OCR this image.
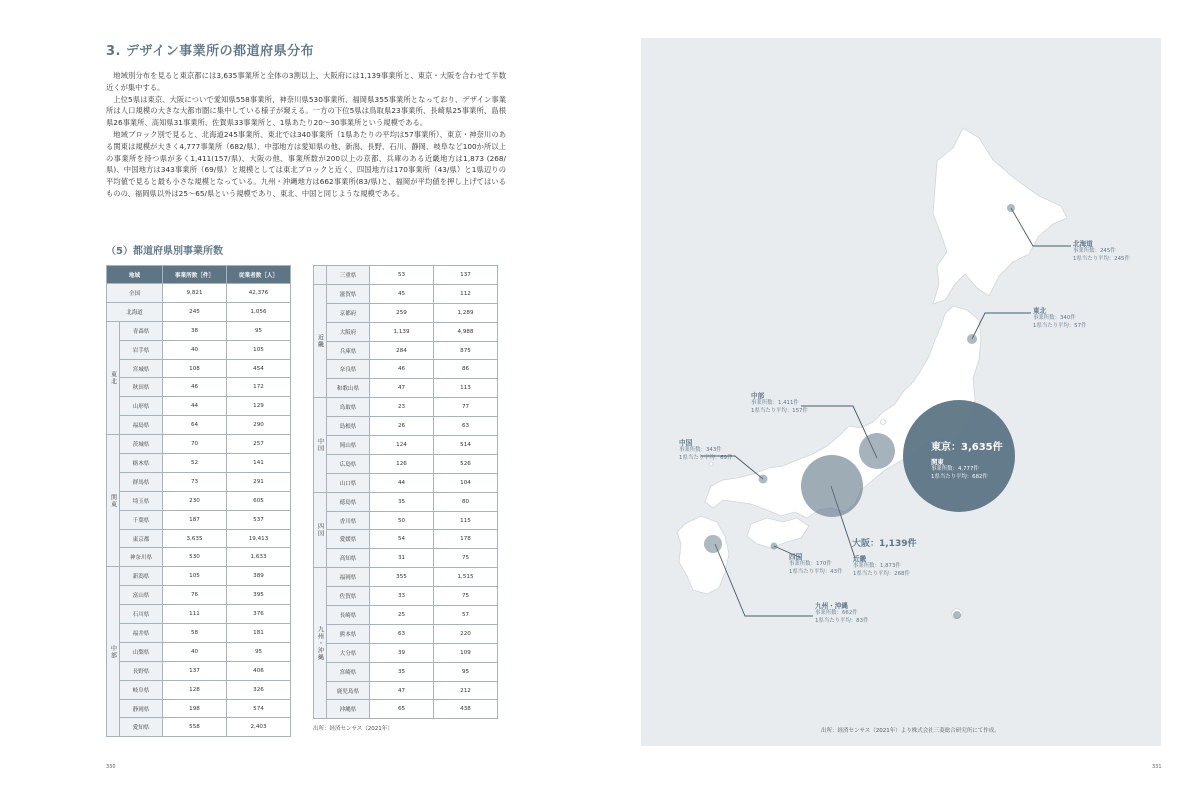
3. デザイン事業所の都道府県分布

地域別分布を見ると東京都には3,635事業所と全体の3割以上、大阪府には1,139事業所と、東京・大阪を合わせて半数近くが集中する。

上位5県は東京、大阪についで愛知県558事業所、神奈川県530事業所、福岡県355事業所となっており、デザイン事業所は人口規模の大きな大都市圏に集中している様子が窺える。一方の下位5県は鳥取県23事業所、長崎県25事業所、島根県26事業所、高知県31事業所、佐賀県33事業所と、1県あたり20～30事業所という規模である。

地域ブロック別で見ると、北海道245事業所、東北では340事業所（1県あたりの平均は57事業所）、東京・神奈川のある関東は規模が大きく4,777事業所（682/県）、中部地方は愛知県の他、新潟、長野、石川、静岡、岐阜など100か所以上の事業所を持つ県が多く1,411(157/県)、大阪の他、事業所数が200以上の京都、兵庫のある近畿地方は1,873 (268/県)、中国地方は343事業所（69/県）と規模としては東北ブロックと近く、四国地方は170事業所（43/県）と1県辺りの平均値で見ると最も小さな規模となっている。九州・沖縄地方は662事業所(83/県)と、福岡が平均値を押し上げてはいるものの、福岡県以外は25～65/県という規模であり、東北、中国と同じような規模である。

（5）都道府県別事業所数
地域		事業所数［件］	従業者数［人］
全国		9,821	42,376
北海道		245	1,056
東北	青森県	38	95
	岩手県	40	105
	宮城県	108	454
	秋田県	46	172
	山形県	44	129
	福島県	64	290
関東	茨城県	70	257
	栃木県	52	141
	群馬県	73	291
	埼玉県	230	605
	千葉県	187	537
	東京都	3,635	19,413
	神奈川県	530	1,633
中部	新潟県	105	389
	富山県	76	395
	石川県	111	376
	福井県	58	181
	山梨県	40	95
	長野県	137	406
	岐阜県	128	326
	静岡県	198	574
	愛知県	558	2,403
	三重県	53	137
近畿	滋賀県	45	112
	京都府	259	1,289
	大阪府	1,139	4,988
	兵庫県	284	875
	奈良県	46	86
	和歌山県	47	113
中国	鳥取県	23	77
	島根県	26	63
	岡山県	124	514
	広島県	126	526
	山口県	44	104
四国	徳島県	35	80
	香川県	50	115
	愛媛県	54	178
	高知県	31	75
九州・沖縄	福岡県	355	1,515
	佐賀県	33	75
	長崎県	25	57
	熊本県	63	220
	大分県	39	109
	宮崎県	35	95
	鹿児島県	47	212
	沖縄県	65	438
出所：経済センサス（2021年）
330	331
北海道
事業所数：245件
1県当たり平均：245件
東北
事業所数：340件
1県当たり平均：57件
中部
事業所数：1,411件
1県当たり平均：157件
中国
事業所数：343件
1県当たり平均：69件
東京：3,635件
関東
事業所数：4,777件
1県当たり平均：682件
大阪：1,139件
四国
事業所数：170件
1県当たり平均：43件
近畿
事業所数：1,873件
1県当たり平均：268件
九州・沖縄
事業所数：662件
1県当たり平均：83件
出所：経済センサス（2021年）より株式会社三菱総合研究所にて作成。
